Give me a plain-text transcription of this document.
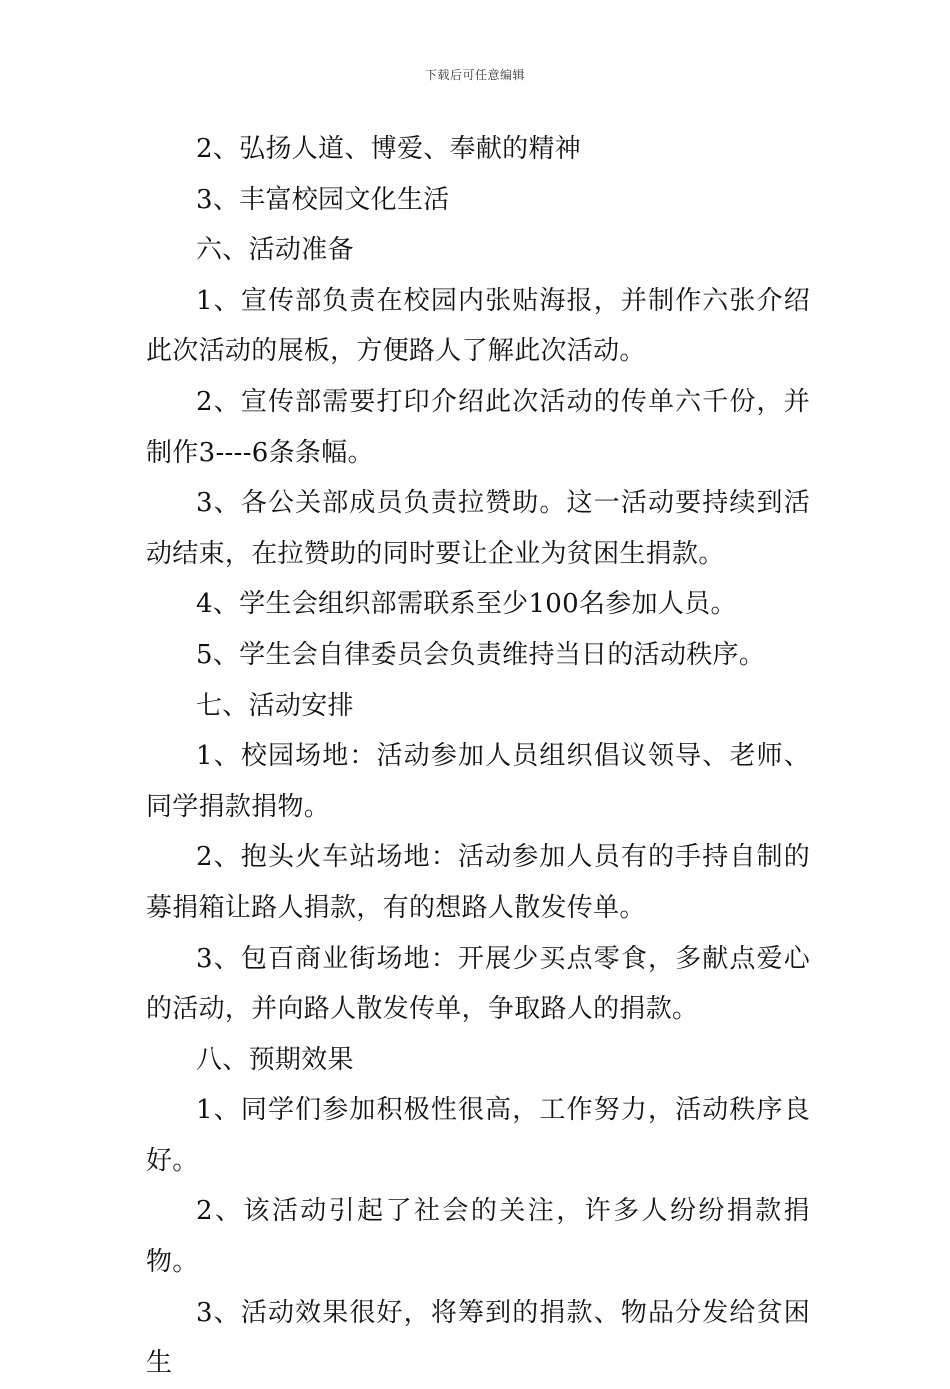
下载后可任意编辑

2、弘扬人道、博爱、奉献的精神

3、丰富校园文化生活

六、活动准备

1、宣传部负责在校园内张贴海报，并制作六张介绍此次活动的展板，方便路人了解此次活动。

2、宣传部需要打印介绍此次活动的传单六千份，并制作3----6条条幅。

3、各公关部成员负责拉赞助。这一活动要持续到活动结束，在拉赞助的同时要让企业为贫困生捐款。

4、学生会组织部需联系至少100名参加人员。

5、学生会自律委员会负责维持当日的活动秩序。

七、活动安排

1、校园场地：活动参加人员组织倡议领导、老师、同学捐款捐物。

2、抱头火车站场地：活动参加人员有的手持自制的募捐箱让路人捐款，有的想路人散发传单。

3、包百商业街场地：开展少买点零食，多献点爱心的活动，并向路人散发传单，争取路人的捐款。

八、预期效果

1、同学们参加积极性很高，工作努力，活动秩序良好。

2、该活动引起了社会的关注，许多人纷纷捐款捐物。

3、活动效果很好，将筹到的捐款、物品分发给贫困生
